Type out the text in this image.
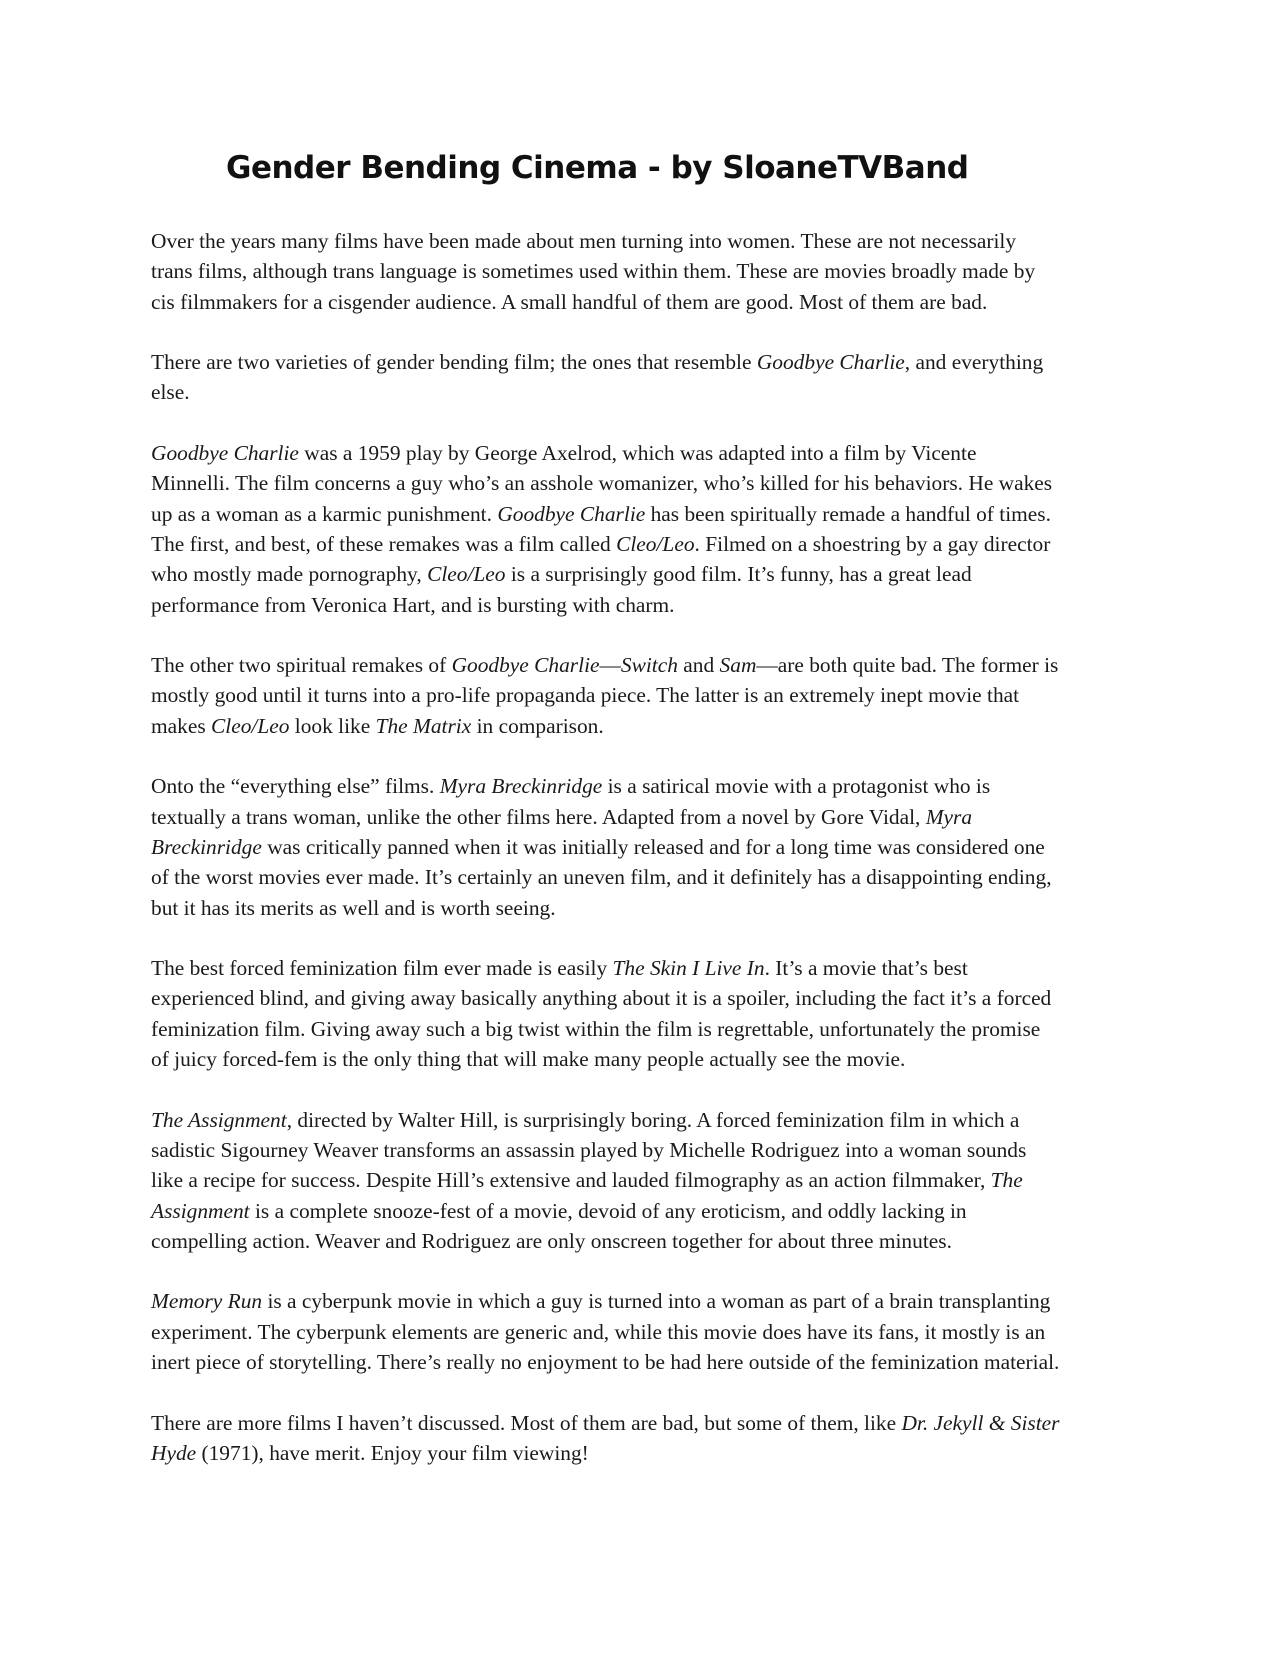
Gender Bending Cinema - by SloaneTVBand

Over the years many films have been made about men turning into women. These are not necessarily
trans films, although trans language is sometimes used within them. These are movies broadly made by
cis filmmakers for a cisgender audience. A small handful of them are good. Most of them are bad.

There are two varieties of gender bending film; the ones that resemble Goodbye Charlie, and everything
else.

Goodbye Charlie was a 1959 play by George Axelrod, which was adapted into a film by Vicente
Minnelli. The film concerns a guy who’s an asshole womanizer, who’s killed for his behaviors. He wakes
up as a woman as a karmic punishment. Goodbye Charlie has been spiritually remade a handful of times.
The first, and best, of these remakes was a film called Cleo/Leo. Filmed on a shoestring by a gay director
who mostly made pornography, Cleo/Leo is a surprisingly good film. It’s funny, has a great lead
performance from Veronica Hart, and is bursting with charm.

The other two spiritual remakes of Goodbye Charlie—Switch and Sam—are both quite bad. The former is
mostly good until it turns into a pro-life propaganda piece. The latter is an extremely inept movie that
makes Cleo/Leo look like The Matrix in comparison.

Onto the “everything else” films. Myra Breckinridge is a satirical movie with a protagonist who is
textually a trans woman, unlike the other films here. Adapted from a novel by Gore Vidal, Myra
Breckinridge was critically panned when it was initially released and for a long time was considered one
of the worst movies ever made. It’s certainly an uneven film, and it definitely has a disappointing ending,
but it has its merits as well and is worth seeing.

The best forced feminization film ever made is easily The Skin I Live In. It’s a movie that’s best
experienced blind, and giving away basically anything about it is a spoiler, including the fact it’s a forced
feminization film. Giving away such a big twist within the film is regrettable, unfortunately the promise
of juicy forced-fem is the only thing that will make many people actually see the movie.

The Assignment, directed by Walter Hill, is surprisingly boring. A forced feminization film in which a
sadistic Sigourney Weaver transforms an assassin played by Michelle Rodriguez into a woman sounds
like a recipe for success. Despite Hill’s extensive and lauded filmography as an action filmmaker, The
Assignment is a complete snooze-fest of a movie, devoid of any eroticism, and oddly lacking in
compelling action. Weaver and Rodriguez are only onscreen together for about three minutes.

Memory Run is a cyberpunk movie in which a guy is turned into a woman as part of a brain transplanting
experiment. The cyberpunk elements are generic and, while this movie does have its fans, it mostly is an
inert piece of storytelling. There’s really no enjoyment to be had here outside of the feminization material.

There are more films I haven’t discussed. Most of them are bad, but some of them, like Dr. Jekyll & Sister
Hyde (1971), have merit. Enjoy your film viewing!
